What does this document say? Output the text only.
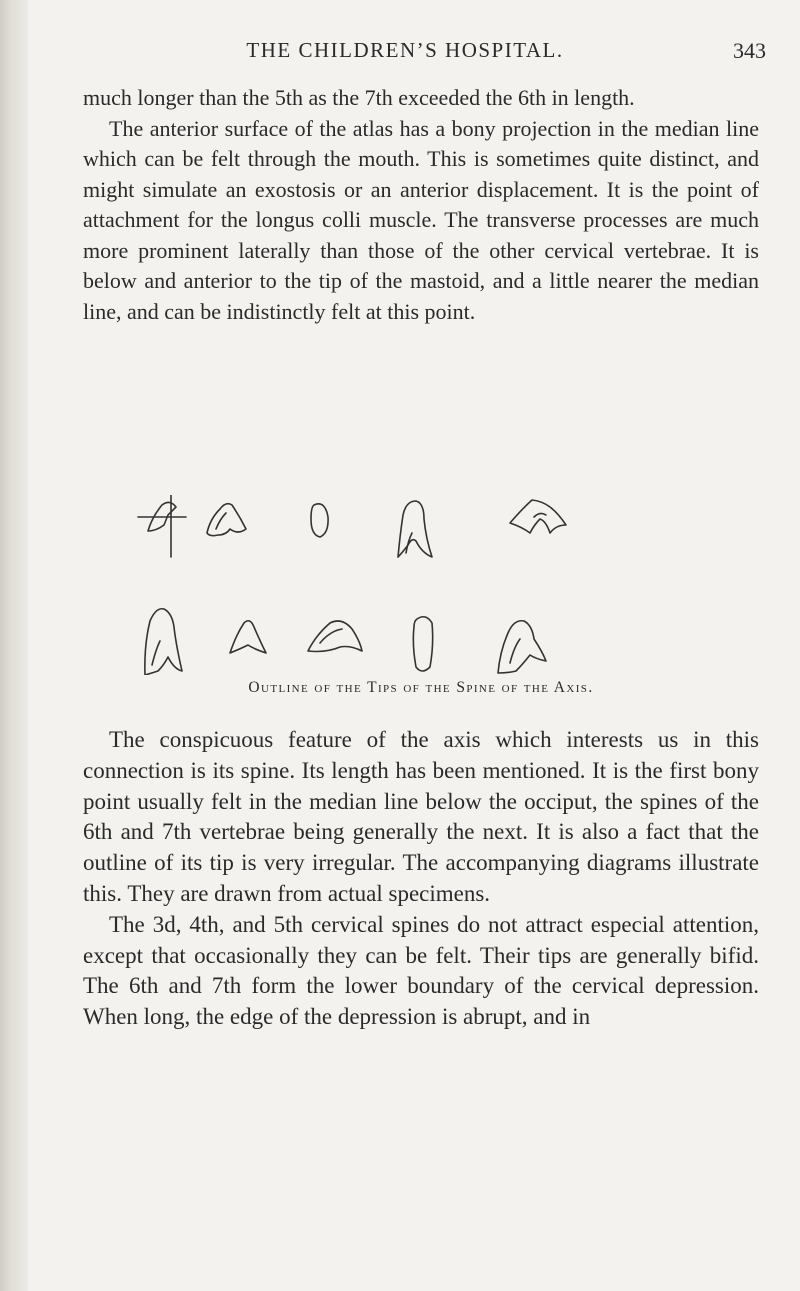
THE CHILDREN’S HOSPITAL.	343

much longer than the 5th as the 7th exceeded the 6th in length.

The anterior surface of the atlas has a bony projection in the median line which can be felt through the mouth. This is sometimes quite distinct, and might simulate an exostosis or an anterior displacement. It is the point of attachment for the longus colli muscle. The transverse processes are much more prominent laterally than those of the other cervical vertebrae. It is below and anterior to the tip of the mastoid, and a little nearer the median line, and can be indistinctly felt at this point.

Outline of the Tips of the Spine of the Axis.

The conspicuous feature of the axis which interests us in this connection is its spine. Its length has been mentioned. It is the first bony point usually felt in the median line below the occiput, the spines of the 6th and 7th vertebrae being generally the next. It is also a fact that the outline of its tip is very irregular. The accompanying diagrams illustrate this. They are drawn from actual specimens.

The 3d, 4th, and 5th cervical spines do not attract especial attention, except that occasionally they can be felt. Their tips are generally bifid. The 6th and 7th form the lower boundary of the cervical depression. When long, the edge of the depression is abrupt, and in
